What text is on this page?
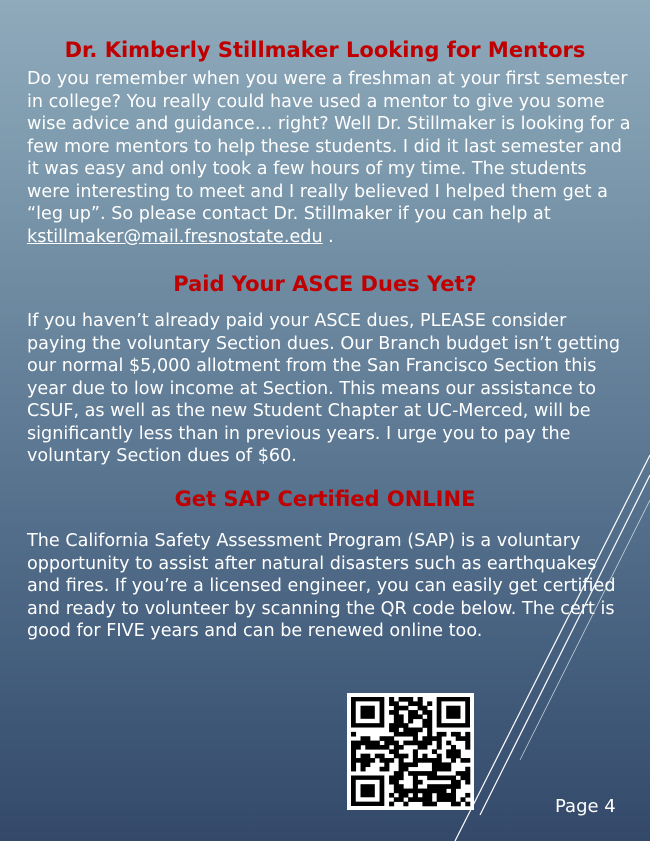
Dr. Kimberly Stillmaker Looking for Mentors
Do you remember when you were a freshman at your first semester in college? You really could have used a mentor to give you some wise advice and guidance… right? Well Dr. Stillmaker is looking for a few more mentors to help these students. I did it last semester and it was easy and only took a few hours of my time. The students were interesting to meet and I really believed I helped them get a “leg up”. So please contact Dr. Stillmaker if you can help at
kstillmaker@mail.fresnostate.edu .
Paid Your ASCE Dues Yet?
If you haven’t already paid your ASCE dues, PLEASE consider paying the voluntary Section dues. Our Branch budget isn’t getting our normal $5,000 allotment from the San Francisco Section this year due to low income at Section. This means our assistance to CSUF, as well as the new Student Chapter at UC-Merced, will be significantly less than in previous years. I urge you to pay the voluntary Section dues of $60.
Get SAP Certified ONLINE
The California Safety Assessment Program (SAP) is a voluntary opportunity to assist after natural disasters such as earthquakes and fires. If you’re a licensed engineer, you can easily get certified and ready to volunteer by scanning the QR code below. The cert is good for FIVE years and can be renewed online too.
Page 4
